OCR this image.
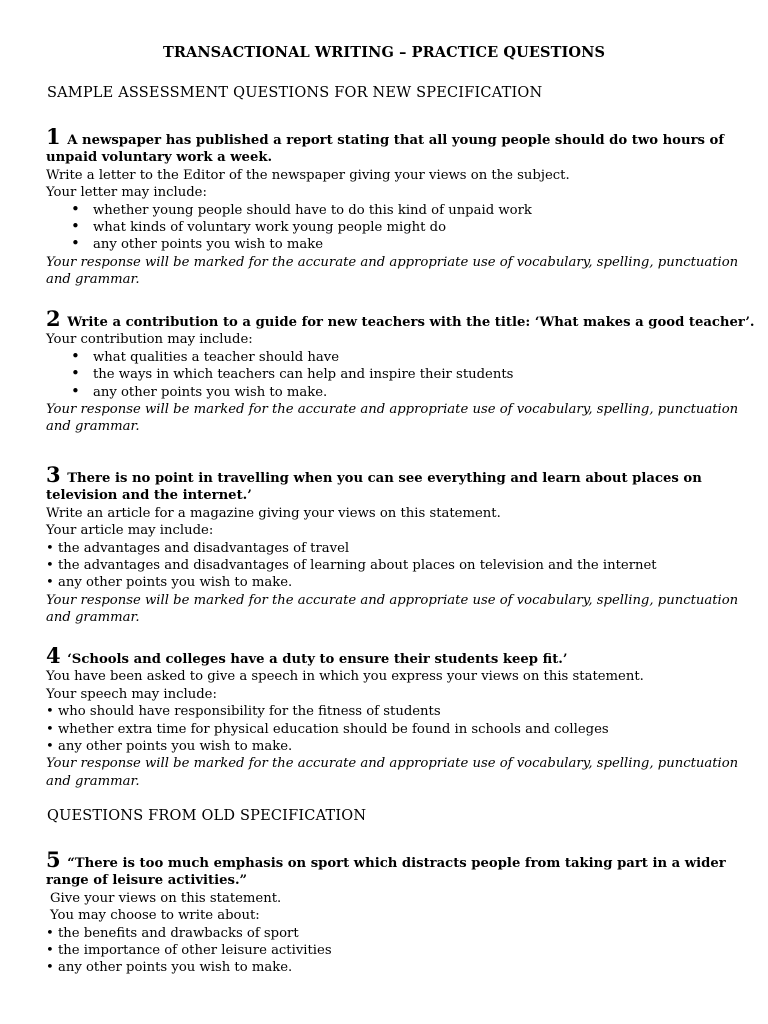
TRANSACTIONAL WRITING – PRACTICE QUESTIONS
SAMPLE ASSESSMENT QUESTIONS FOR NEW SPECIFICATION
1 A newspaper has published a report stating that all young people should do two hours of
unpaid voluntary work a week.
Write a letter to the Editor of the newspaper giving your views on the subject.
Your letter may include:
• whether young people should have to do this kind of unpaid work
• what kinds of voluntary work young people might do
• any other points you wish to make
Your response will be marked for the accurate and appropriate use of vocabulary, spelling, punctuation
and grammar.
2 Write a contribution to a guide for new teachers with the title: ‘What makes a good teacher’.
Your contribution may include:
• what qualities a teacher should have
• the ways in which teachers can help and inspire their students
• any other points you wish to make.
Your response will be marked for the accurate and appropriate use of vocabulary, spelling, punctuation
and grammar.
3 There is no point in travelling when you can see everything and learn about places on
television and the internet.’
Write an article for a magazine giving your views on this statement.
Your article may include:
• the advantages and disadvantages of travel
• the advantages and disadvantages of learning about places on television and the internet
• any other points you wish to make.
Your response will be marked for the accurate and appropriate use of vocabulary, spelling, punctuation
and grammar.
4 ‘Schools and colleges have a duty to ensure their students keep fit.’
You have been asked to give a speech in which you express your views on this statement.
Your speech may include:
• who should have responsibility for the fitness of students
• whether extra time for physical education should be found in schools and colleges
• any other points you wish to make.
Your response will be marked for the accurate and appropriate use of vocabulary, spelling, punctuation
and grammar.
QUESTIONS FROM OLD SPECIFICATION
5 “There is too much emphasis on sport which distracts people from taking part in a wider
range of leisure activities.”
Give your views on this statement.
You may choose to write about:
• the benefits and drawbacks of sport
• the importance of other leisure activities
• any other points you wish to make.
